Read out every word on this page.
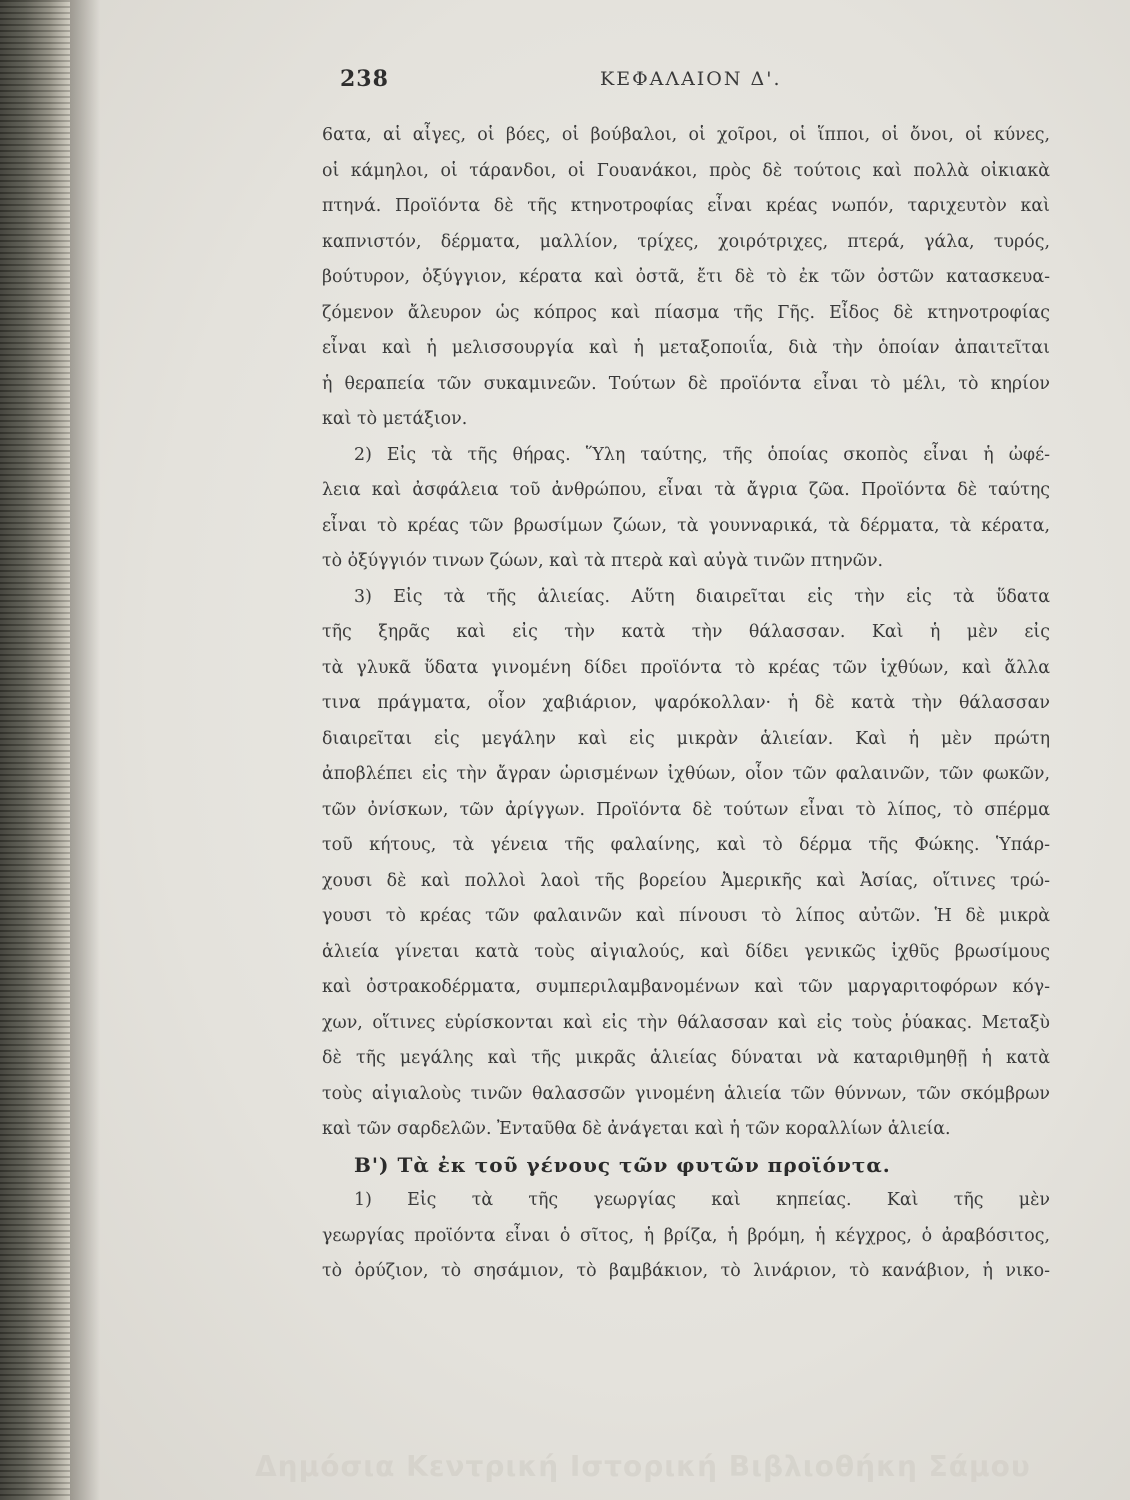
238	ΚΕΦΑΛΑΙΟΝ Δ'.
6ατα, αἱ αἶγες, οἱ βόες, οἱ βούβαλοι, οἱ χοῖροι, οἱ ἵπποι, οἱ ὄνοι, οἱ κύνες,
οἱ κάμηλοι, οἱ τάρανδοι, οἱ Γουανάκοι, πρὸς δὲ τούτοις καὶ πολλὰ οἰκιακὰ
πτηνά. Προϊόντα δὲ τῆς κτηνοτροφίας εἶναι κρέας νωπόν, ταριχευτὸν καὶ
καπνιστόν, δέρματα, μαλλίον, τρίχες, χοιρότριχες, πτερά, γάλα, τυρός,
βούτυρον, ὀξύγγιον, κέρατα καὶ ὀστᾶ, ἔτι δὲ τὸ ἐκ τῶν ὀστῶν κατασκευα-
ζόμενον ἄλευρον ὡς κόπρος καὶ πίασμα τῆς Γῆς. Εἶδος δὲ κτηνοτροφίας
εἶναι καὶ ἡ μελισσουργία καὶ ἡ μεταξοποιΐα, διὰ τὴν ὁποίαν ἀπαιτεῖται
ἡ θεραπεία τῶν συκαμινεῶν. Τούτων δὲ προϊόντα εἶναι τὸ μέλι, τὸ κηρίον
καὶ τὸ μετάξιον.
2) Εἰς τὰ τῆς θήρας. Ὕλη ταύτης, τῆς ὁποίας σκοπὸς εἶναι ἡ ὠφέ-
λεια καὶ ἀσφάλεια τοῦ ἀνθρώπου, εἶναι τὰ ἄγρια ζῶα. Προϊόντα δὲ ταύτης
εἶναι τὸ κρέας τῶν βρωσίμων ζώων, τὰ γουνναρικά, τὰ δέρματα, τὰ κέρατα,
τὸ ὀξύγγιόν τινων ζώων, καὶ τὰ πτερὰ καὶ αὐγὰ τινῶν πτηνῶν.
3) Εἰς τὰ τῆς ἁλιείας. Αὕτη διαιρεῖται εἰς τὴν εἰς τὰ ὕδατα
τῆς ξηρᾶς καὶ εἰς τὴν κατὰ τὴν θάλασσαν. Καὶ ἡ μὲν εἰς
τὰ γλυκᾶ ὕδατα γινομένη δίδει προϊόντα τὸ κρέας τῶν ἰχθύων, καὶ ἄλλα
τινα πράγματα, οἷον χαβιάριον, ψαρόκολλαν· ἡ δὲ κατὰ τὴν θάλασσαν
διαιρεῖται εἰς μεγάλην καὶ εἰς μικρὰν ἁλιείαν. Καὶ ἡ μὲν πρώτη
ἀποβλέπει εἰς τὴν ἄγραν ὡρισμένων ἰχθύων, οἷον τῶν φαλαινῶν, τῶν φωκῶν,
τῶν ὀνίσκων, τῶν ἀρίγγων. Προϊόντα δὲ τούτων εἶναι τὸ λίπος, τὸ σπέρμα
τοῦ κήτους, τὰ γένεια τῆς φαλαίνης, καὶ τὸ δέρμα τῆς Φώκης. Ὑπάρ-
χουσι δὲ καὶ πολλοὶ λαοὶ τῆς βορείου Ἀμερικῆς καὶ Ἀσίας, οἵτινες τρώ-
γουσι τὸ κρέας τῶν φαλαινῶν καὶ πίνουσι τὸ λίπος αὐτῶν. Ἡ δὲ μικρὰ
ἁλιεία γίνεται κατὰ τοὺς αἰγιαλούς, καὶ δίδει γενικῶς ἰχθῦς βρωσίμους
καὶ ὀστρακοδέρματα, συμπεριλαμβανομένων καὶ τῶν μαργαριτοφόρων κόγ-
χων, οἵτινες εὑρίσκονται καὶ εἰς τὴν θάλασσαν καὶ εἰς τοὺς ῥύακας. Μεταξὺ
δὲ τῆς μεγάλης καὶ τῆς μικρᾶς ἁλιείας δύναται νὰ καταριθμηθῇ ἡ κατὰ
τοὺς αἰγιαλοὺς τινῶν θαλασσῶν γινομένη ἁλιεία τῶν θύννων, τῶν σκόμβρων
καὶ τῶν σαρδελῶν. Ἐνταῦθα δὲ ἀνάγεται καὶ ἡ τῶν κοραλλίων ἁλιεία.
Β') Τὰ ἐκ τοῦ γένους τῶν φυτῶν προϊόντα.
1) Εἰς τὰ τῆς γεωργίας καὶ κηπείας. Καὶ τῆς μὲν
γεωργίας προϊόντα εἶναι ὁ σῖτος, ἡ βρίζα, ἡ βρόμη, ἡ κέγχρος, ὁ ἀραβόσιτος,
τὸ ὀρύζιον, τὸ σησάμιον, τὸ βαμβάκιον, τὸ λινάριον, τὸ κανάβιον, ἡ νικο-
Δημόσια Κεντρική Ιστορική Βιβλιοθήκη Σάμου
